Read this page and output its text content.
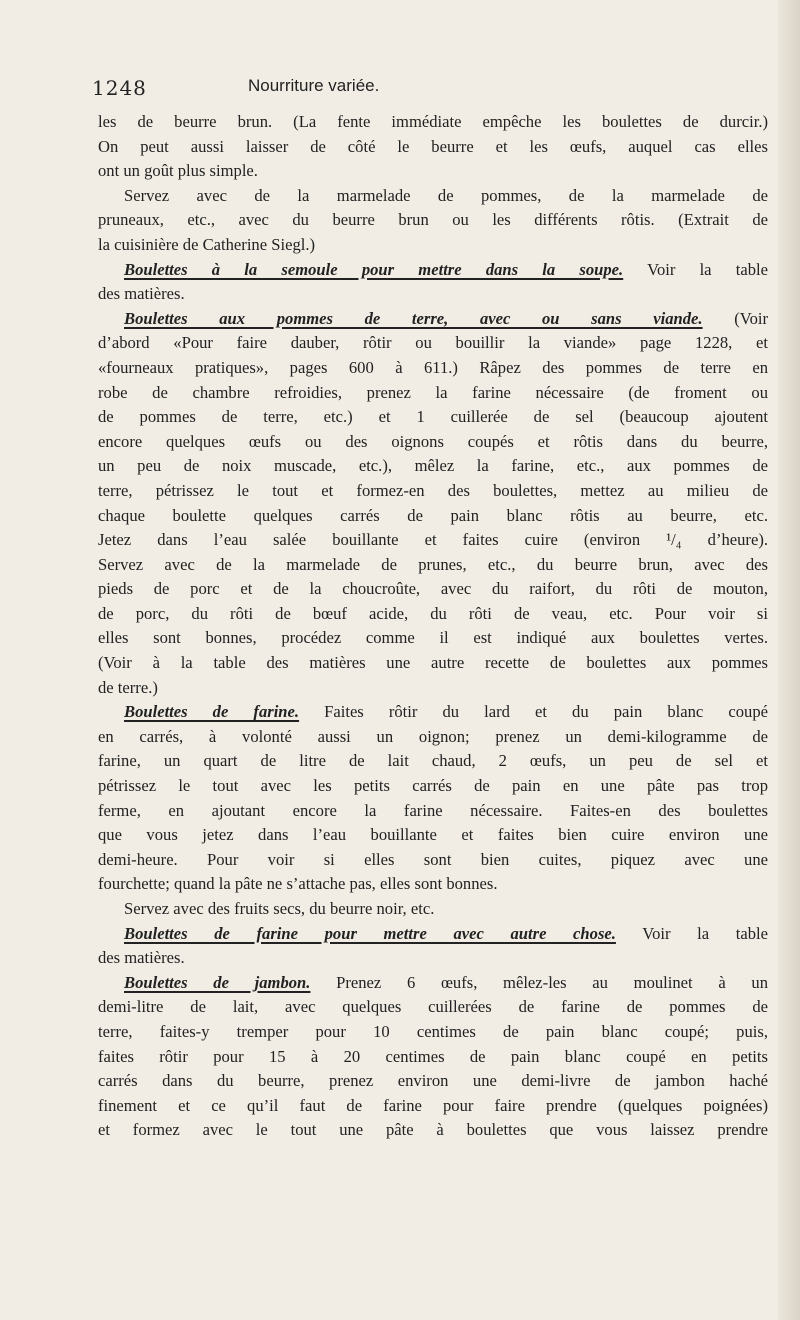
1248	Nourriture variée.
les de beurre brun. (La fente immédiate empêche les boulettes de durcir.)
On peut aussi laisser de côté le beurre et les œufs, auquel cas elles
ont un goût plus simple.
Servez avec de la marmelade de pommes, de la marmelade de
pruneaux, etc., avec du beurre brun ou les différents rôtis. (Extrait de
la cuisinière de Catherine Siegl.)
Boulettes à la semoule pour mettre dans la soupe. Voir la table
des matières.
Boulettes aux pommes de terre, avec ou sans viande. (Voir
d’abord «Pour faire dauber, rôtir ou bouillir la viande» page 1228, et
«fourneaux pratiques», pages 600 à 611.) Râpez des pommes de terre en
robe de chambre refroidies, prenez la farine nécessaire (de froment ou
de pommes de terre, etc.) et 1 cuillerée de sel (beaucoup ajoutent
encore quelques œufs ou des oignons coupés et rôtis dans du beurre,
un peu de noix muscade, etc.), mêlez la farine, etc., aux pommes de
terre, pétrissez le tout et formez-en des boulettes, mettez au milieu de
chaque boulette quelques carrés de pain blanc rôtis au beurre, etc.
Jetez dans l’eau salée bouillante et faites cuire (environ ¹/₄ d’heure).
Servez avec de la marmelade de prunes, etc., du beurre brun, avec des
pieds de porc et de la choucroûte, avec du raifort, du rôti de mouton,
de porc, du rôti de bœuf acide, du rôti de veau, etc. Pour voir si
elles sont bonnes, procédez comme il est indiqué aux boulettes vertes.
(Voir à la table des matières une autre recette de boulettes aux pommes
de terre.)
Boulettes de farine. Faites rôtir du lard et du pain blanc coupé
en carrés, à volonté aussi un oignon; prenez un demi-kilogramme de
farine, un quart de litre de lait chaud, 2 œufs, un peu de sel et
pétrissez le tout avec les petits carrés de pain en une pâte pas trop
ferme, en ajoutant encore la farine nécessaire. Faites-en des boulettes
que vous jetez dans l’eau bouillante et faites bien cuire environ une
demi-heure. Pour voir si elles sont bien cuites, piquez avec une
fourchette; quand la pâte ne s’attache pas, elles sont bonnes.
Servez avec des fruits secs, du beurre noir, etc.
Boulettes de farine pour mettre avec autre chose. Voir la table
des matières.
Boulettes de jambon. Prenez 6 œufs, mêlez-les au moulinet à un
demi-litre de lait, avec quelques cuillerées de farine de pommes de
terre, faites-y tremper pour 10 centimes de pain blanc coupé; puis,
faites rôtir pour 15 à 20 centimes de pain blanc coupé en petits
carrés dans du beurre, prenez environ une demi-livre de jambon haché
finement et ce qu’il faut de farine pour faire prendre (quelques poignées)
et formez avec le tout une pâte à boulettes que vous laissez prendre
